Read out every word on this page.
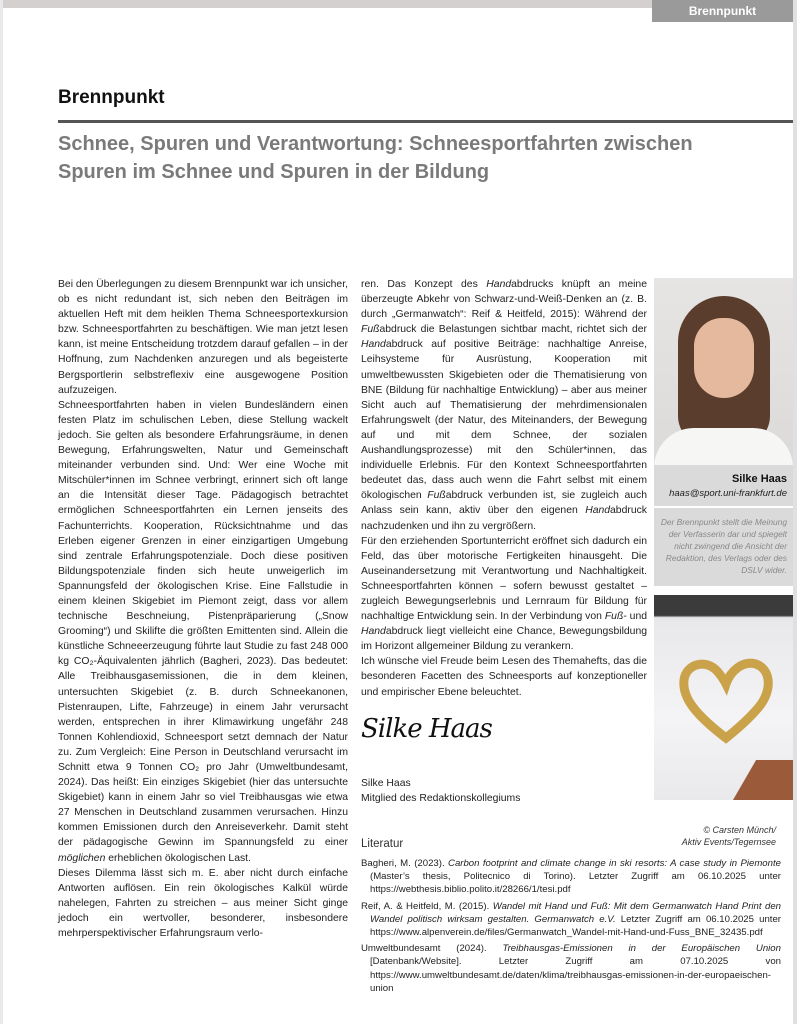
Brennpunkt
Brennpunkt
Schnee, Spuren und Verantwortung: Schneesportfahrten zwischen Spuren im Schnee und Spuren in der Bildung

Bei den Überlegungen zu diesem Brennpunkt war ich unsicher, ob es nicht redundant ist, sich neben den Beiträgen im aktuellen Heft mit dem heiklen Thema Schneesportexkursion bzw. Schneesportfahrten zu beschäftigen. Wie man jetzt lesen kann, ist meine Entscheidung trotzdem darauf gefallen – in der Hoffnung, zum Nachdenken anzuregen und als begeisterte Bergsportlerin selbstreflexiv eine ausgewogene Position aufzuzeigen.

Schneesportfahrten haben in vielen Bundesländern einen festen Platz im schulischen Leben, diese Stellung wackelt jedoch. Sie gelten als besondere Erfahrungsräume, in denen Bewegung, Erfahrungswelten, Natur und Gemeinschaft miteinander verbunden sind. Und: Wer eine Woche mit Mitschüler*innen im Schnee verbringt, erinnert sich oft lange an die Intensität dieser Tage. Pädagogisch betrachtet ermöglichen Schneesportfahrten ein Lernen jenseits des Fachunterrichts. Kooperation, Rücksichtnahme und das Erleben eigener Grenzen in einer einzigartigen Umgebung sind zentrale Erfahrungspotenziale. Doch diese positiven Bildungspotenziale finden sich heute unweigerlich im Spannungsfeld der ökologischen Krise. Eine Fallstudie in einem kleinen Skigebiet im Piemont zeigt, dass vor allem technische Beschneiung, Pistenpräparierung („Snow Grooming“) und Skilifte die größten Emittenten sind. Allein die künstliche Schneeerzeugung führte laut Studie zu fast 248 000 kg CO₂-Äquivalenten jährlich (Bagheri, 2023). Das bedeutet: Alle Treibhausgasemissionen, die in dem kleinen, untersuchten Skigebiet (z. B. durch Schneekanonen, Pistenraupen, Lifte, Fahrzeuge) in einem Jahr verursacht werden, entsprechen in ihrer Klimawirkung ungefähr 248 Tonnen Kohlendioxid, Schneesport setzt demnach der Natur zu. Zum Vergleich: Eine Person in Deutschland verursacht im Schnitt etwa 9 Tonnen CO₂ pro Jahr (Umweltbundesamt, 2024). Das heißt: Ein einziges Skigebiet (hier das untersuchte Skigebiet) kann in einem Jahr so viel Treibhausgas wie etwa 27 Menschen in Deutschland zusammen verursachen. Hinzu kommen Emissionen durch den Anreiseverkehr. Damit steht der pädagogische Gewinn im Spannungsfeld zu einer möglichen erheblichen ökologischen Last.

Dieses Dilemma lässt sich m. E. aber nicht durch einfache Antworten auflösen. Ein rein ökologisches Kalkül würde nahelegen, Fahrten zu streichen – aus meiner Sicht ginge jedoch ein wertvoller, besonderer, insbesondere mehrperspektivischer Erfahrungsraum verlo-

ren. Das Konzept des Handabdrucks knüpft an meine überzeugte Abkehr von Schwarz-und-Weiß-Denken an (z. B. durch „Germanwatch“: Reif & Heitfeld, 2015): Während der Fußabdruck die Belastungen sichtbar macht, richtet sich der Handabdruck auf positive Beiträge: nachhaltige Anreise, Leihsysteme für Ausrüstung, Kooperation mit umweltbewussten Skigebieten oder die Thematisierung von BNE (Bildung für nachhaltige Entwicklung) – aber aus meiner Sicht auch auf Thematisierung der mehrdimensionalen Erfahrungswelt (der Natur, des Miteinanders, der Bewegung auf und mit dem Schnee, der sozialen Aushandlungsprozesse) mit den Schüler*innen, das individuelle Erlebnis. Für den Kontext Schneesportfahrten bedeutet das, dass auch wenn die Fahrt selbst mit einem ökologischen Fußabdruck verbunden ist, sie zugleich auch Anlass sein kann, aktiv über den eigenen Handabdruck nachzudenken und ihn zu vergrößern.

Für den erziehenden Sportunterricht eröffnet sich dadurch ein Feld, das über motorische Fertigkeiten hinausgeht. Die Auseinandersetzung mit Verantwortung und Nachhaltigkeit. Schneesportfahrten können – sofern bewusst gestaltet – zugleich Bewegungserlebnis und Lernraum für Bildung für nachhaltige Entwicklung sein. In der Verbindung von Fuß- und Handabdruck liegt vielleicht eine Chance, Bewegungsbildung im Horizont allgemeiner Bildung zu verankern.

Ich wünsche viel Freude beim Lesen des Themahefts, das die besonderen Facetten des Schneesports auf konzeptioneller und empirischer Ebene beleuchtet.

Silke Haas
Silke Haas
Mitglied des Redaktionskollegiums
Literatur
Bagheri, M. (2023). Carbon footprint and climate change in ski resorts: A case study in Piemonte (Master’s thesis, Politecnico di Torino). Letzter Zugriff am 06.10.2025 unter https://webthesis.biblio.polito.it/28266/1/tesi.pdf
Reif, A. & Heitfeld, M. (2015). Wandel mit Hand und Fuß: Mit dem Germanwatch Hand Print den Wandel politisch wirksam gestalten. Germanwatch e.V. Letzter Zugriff am 06.10.2025 unter https://www.alpenverein.de/files/Germanwatch_Wandel-mit-Hand-und-Fuss_BNE_32435.pdf
Umweltbundesamt (2024). Treibhausgas-Emissionen in der Europäischen Union [Datenbank/Website]. Letzter Zugriff am 07.10.2025 von https://www.umweltbundesamt.de/daten/klima/treibhausgas-emissionen-in-der-europaeischen-union
Silke Haas
haas@sport.uni-frankfurt.de
Der Brennpunkt stellt die Meinung der Verfasserin dar und spiegelt nicht zwingend die Ansicht der Redaktion, des Verlags oder des DSLV wider.
© Carsten Münch/
Aktiv Events/Tegernsee
